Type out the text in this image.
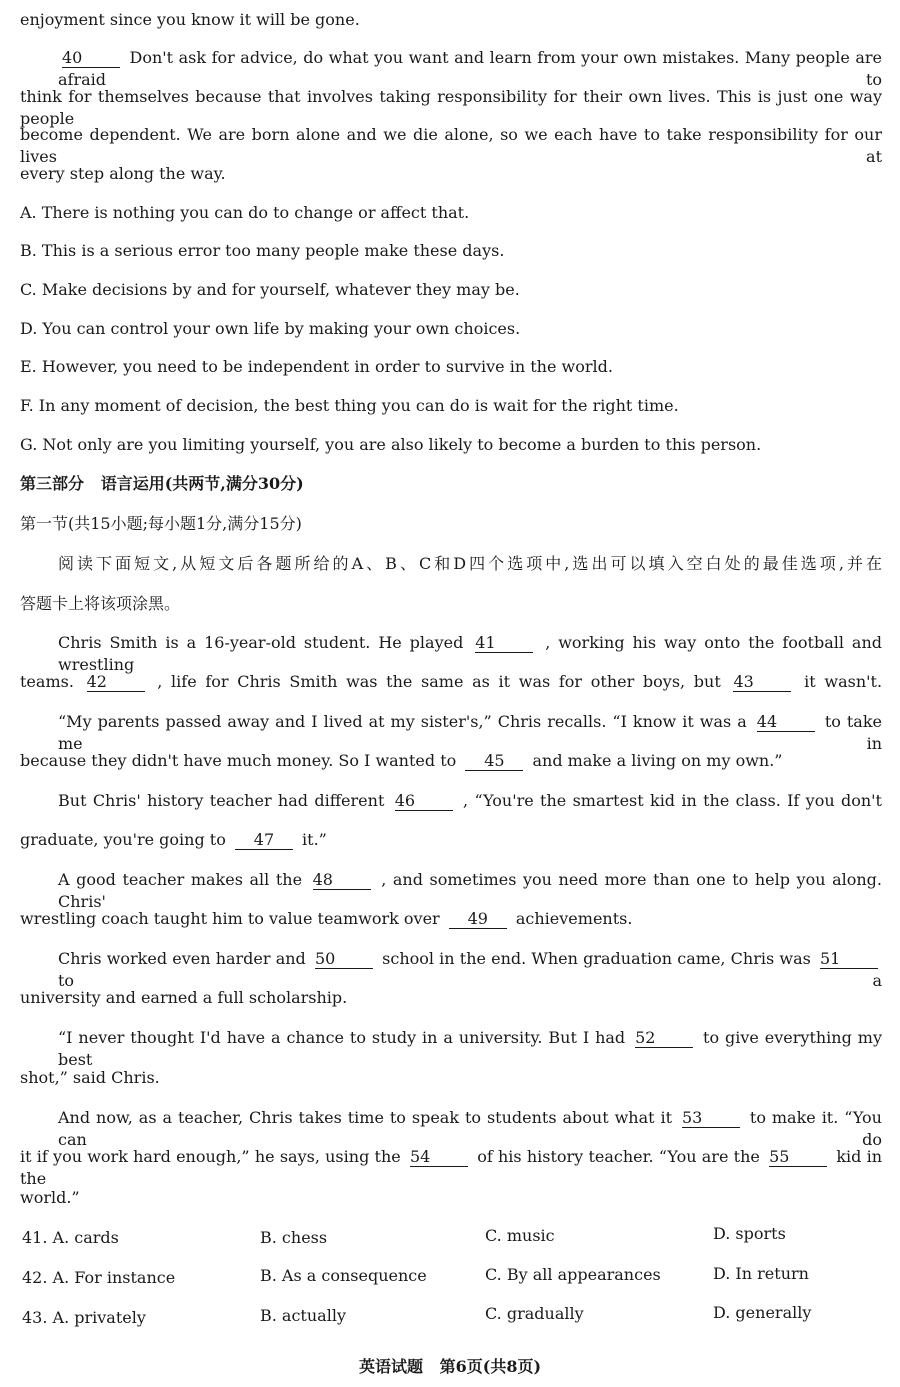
enjoyment since you know it will be gone.
40	Don't ask for advice, do what you want and learn from your own mistakes. Many people are afraid to
think for themselves because that involves taking responsibility for their own lives. This is just one way people
become dependent. We are born alone and we die alone, so we each have to take responsibility for our lives at
every step along the way.
A. There is nothing you can do to change or affect that.
B. This is a serious error too many people make these days.
C. Make decisions by and for yourself, whatever they may be.
D. You can control your own life by making your own choices.
E. However, you need to be independent in order to survive in the world.
F. In any moment of decision, the best thing you can do is wait for the right time.
G. Not only are you limiting yourself, you are also likely to become a burden to this person.
第三部分   语言运用(共两节,满分30分)
第一节(共15小题;每小题1分,满分15分)
阅读下面短文,从短文后各题所给的A、B、C和D四个选项中,选出可以填入空白处的最佳选项,并在
答题卡上将该项涂黑。
Chris Smith is a 16-year-old student. He played 41	, working his way onto the football and wrestling
teams. 42	, life for Chris Smith was the same as it was for other boys, but 43	it wasn't.
“My parents passed away and I lived at my sister's,” Chris recalls. “I know it was a 44	to take me in
because they didn't have much money. So I wanted to 45 and make a living on my own.”
But Chris' history teacher had different 46	, “You're the smartest kid in the class. If you don't
graduate, you're going to 47 it.”
A good teacher makes all the 48	, and sometimes you need more than one to help you along. Chris'
wrestling coach taught him to value teamwork over 49 achievements.
Chris worked even harder and 50	school in the end. When graduation came, Chris was 51 to a
university and earned a full scholarship.
“I never thought I'd have a chance to study in a university. But I had 52	to give everything my best
shot,” said Chris.
And now, as a teacher, Chris takes time to speak to students about what it 53	to make it. “You can do
it if you work hard enough,” he says, using the 54	of his history teacher. “You are the 55	kid in the
world.”
41. A. cards	B. chess	C. music	D. sports
42. A. For instance	B. As a consequence	C. By all appearances	D. In return
43. A. privately	B. actually	C. gradually	D. generally
英语试题   第6页(共8页)
